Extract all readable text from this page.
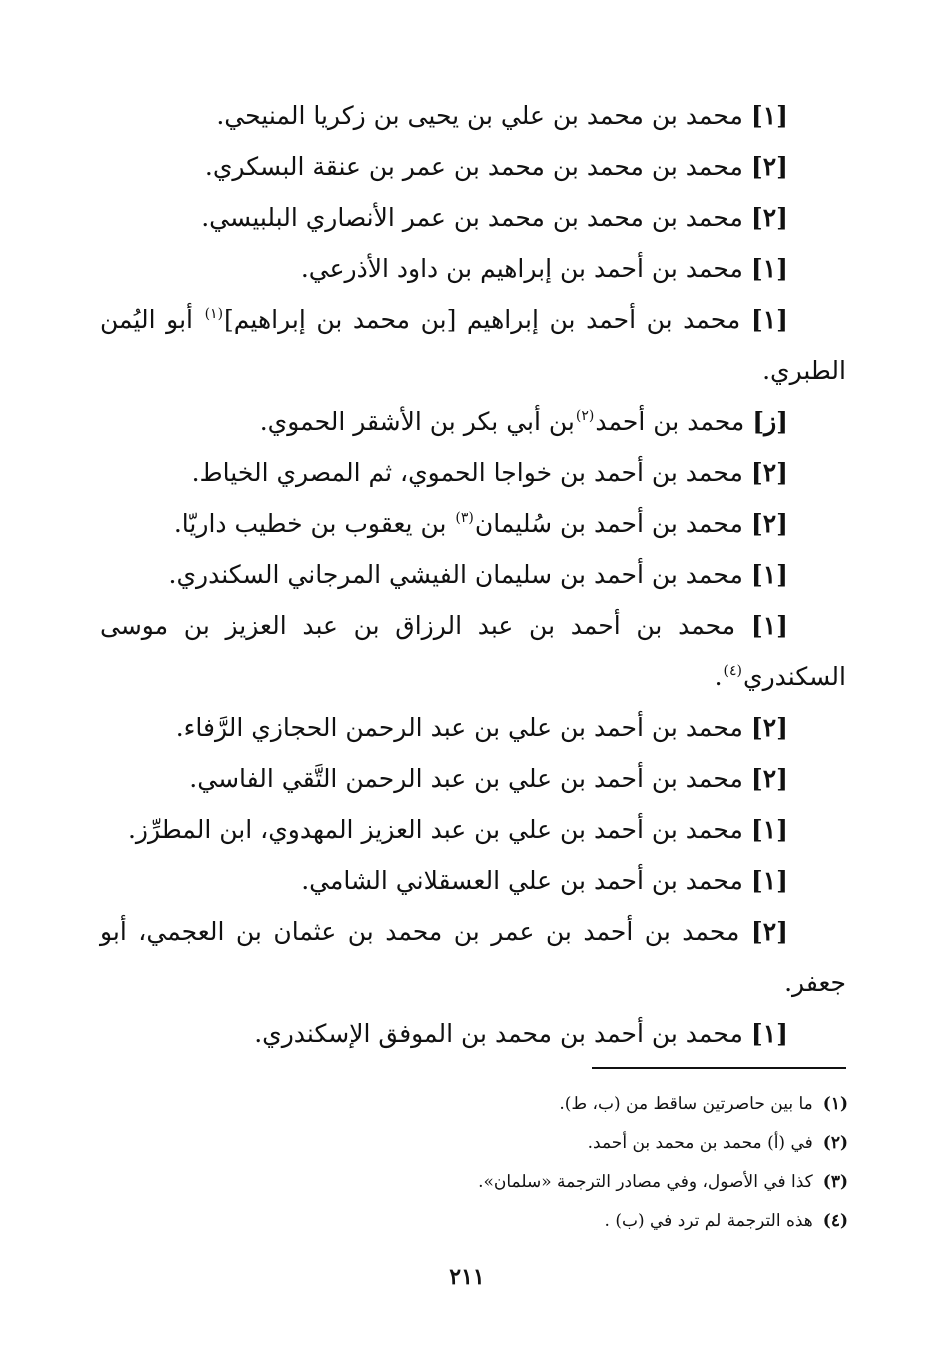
[١] محمد بن محمد بن علي بن يحيى بن زكريا المنيحي.

[٢] محمد بن محمد بن محمد بن عمر بن عنقة البسكري.

[٢] محمد بن محمد بن محمد بن عمر الأنصاري البلبيسي.

[١] محمد بن أحمد بن إبراهيم بن داود الأذرعي.

[١] محمد بن أحمد بن إبراهيم [بن محمد بن إبراهيم]$^{(١)}$ أبو اليُمن الطبري.

[ز] محمد بن أحمد$^{(٢)}$بن أبي بكر بن الأشقر الحموي.

[٢] محمد بن أحمد بن خواجا الحموي، ثم المصري الخياط.

[٢] محمد بن أحمد بن سُليمان$^{(٣)}$ بن يعقوب بن خطيب داريّا.

[١] محمد بن أحمد بن سليمان الفيشي المرجاني السكندري.

[١] محمد بن أحمد بن عبد الرزاق بن عبد العزيز بن موسى السكندري$^{(٤)}$.

[٢] محمد بن أحمد بن علي بن عبد الرحمن الحجازي الرَّفاء.

[٢] محمد بن أحمد بن علي بن عبد الرحمن التَّقي الفاسي.

[١] محمد بن أحمد بن علي بن عبد العزيز المهدوي، ابن المطرِّز.

[١] محمد بن أحمد بن علي العسقلاني الشامي.

[٢] محمد بن أحمد بن عمر بن محمد بن عثمان بن العجمي، أبو جعفر.

[١] محمد بن أحمد بن محمد بن الموفق الإسكندري.

(١)ما بين حاصرتين ساقط من (ب، ط).

(٢)في (أ) محمد بن محمد بن أحمد.

(٣)كذا في الأصول، وفي مصادر الترجمة «سلمان».

(٤)هذه الترجمة لم ترد في (ب) .

٢١١
